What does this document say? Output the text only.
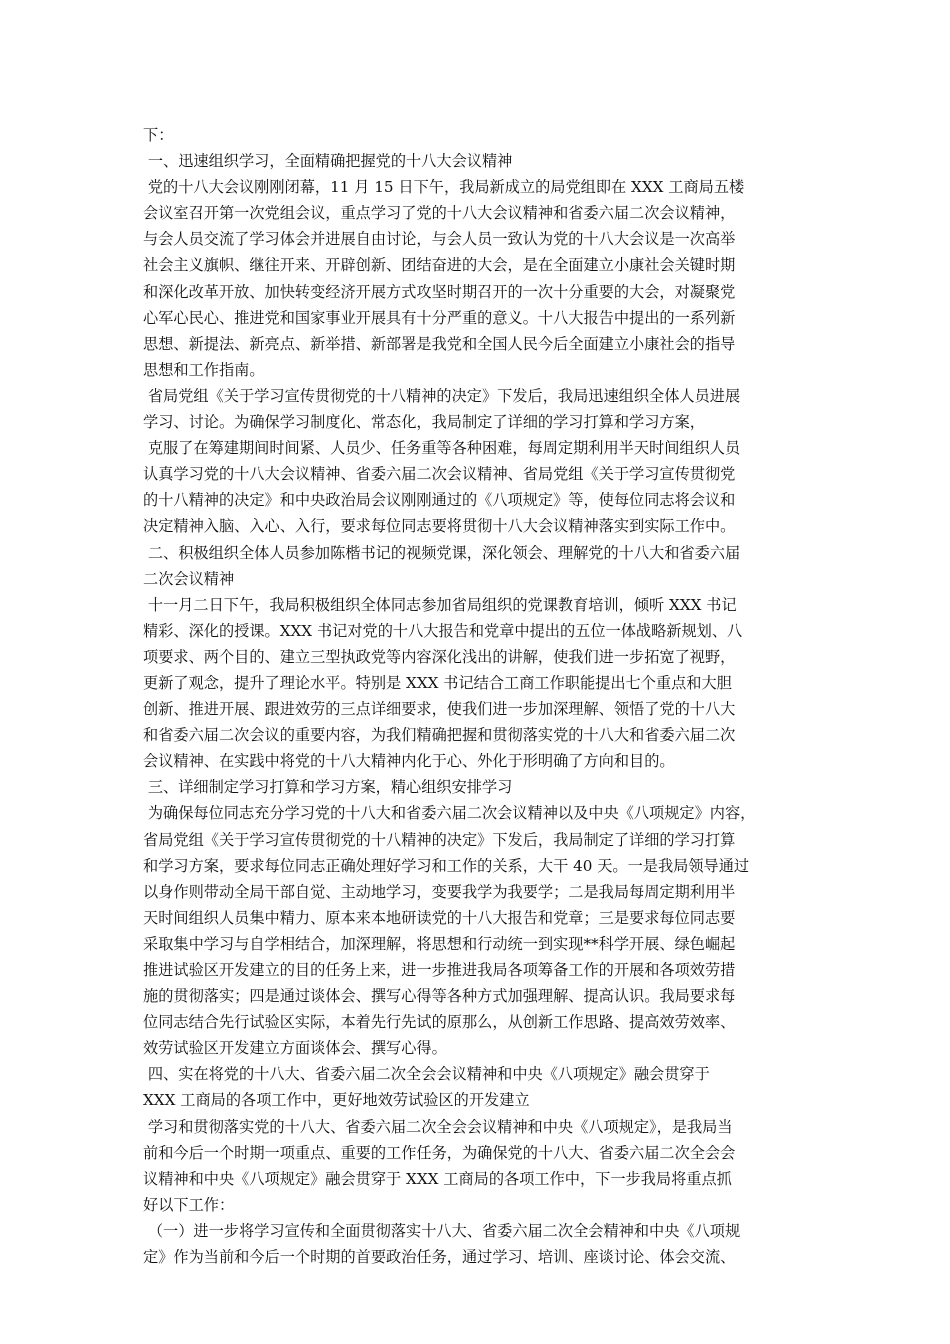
下：
一、迅速组织学习，全面精确把握党的十八大会议精神
党的十八大会议刚刚闭幕，11 月 15 日下午，我局新成立的局党组即在 XXX 工商局五楼
会议室召开第一次党组会议，重点学习了党的十八大会议精神和省委六届二次会议精神，
与会人员交流了学习体会并进展自由讨论，与会人员一致认为党的十八大会议是一次高举
社会主义旗帜、继往开来、开辟创新、团结奋进的大会，是在全面建立小康社会关键时期
和深化改革开放、加快转变经济开展方式攻坚时期召开的一次十分重要的大会，对凝聚党
心军心民心、推进党和国家事业开展具有十分严重的意义。十八大报告中提出的一系列新
思想、新提法、新亮点、新举措、新部署是我党和全国人民今后全面建立小康社会的指导
思想和工作指南。
省局党组《关于学习宣传贯彻党的十八精神的决定》下发后，我局迅速组织全体人员进展
学习、讨论。为确保学习制度化、常态化，我局制定了详细的学习打算和学习方案，
克服了在筹建期间时间紧、人员少、任务重等各种困难，每周定期利用半天时间组织人员
认真学习党的十八大会议精神、省委六届二次会议精神、省局党组《关于学习宣传贯彻党
的十八精神的决定》和中央政治局会议刚刚通过的《八项规定》等，使每位同志将会议和
决定精神入脑、入心、入行，要求每位同志要将贯彻十八大会议精神落实到实际工作中。
二、积极组织全体人员参加陈楷书记的视频党课，深化领会、理解党的十八大和省委六届
二次会议精神
十一月二日下午，我局积极组织全体同志参加省局组织的党课教育培训，倾听 XXX 书记
精彩、深化的授课。XXX 书记对党的十八大报告和党章中提出的五位一体战略新规划、八
项要求、两个目的、建立三型执政党等内容深化浅出的讲解，使我们进一步拓宽了视野，
更新了观念，提升了理论水平。特别是 XXX 书记结合工商工作职能提出七个重点和大胆
创新、推进开展、跟进效劳的三点详细要求，使我们进一步加深理解、领悟了党的十八大
和省委六届二次会议的重要内容，为我们精确把握和贯彻落实党的十八大和省委六届二次
会议精神、在实践中将党的十八大精神内化于心、外化于形明确了方向和目的。
三、详细制定学习打算和学习方案，精心组织安排学习
为确保每位同志充分学习党的十八大和省委六届二次会议精神以及中央《八项规定》内容，
省局党组《关于学习宣传贯彻党的十八精神的决定》下发后，我局制定了详细的学习打算
和学习方案，要求每位同志正确处理好学习和工作的关系，大干 40 天。一是我局领导通过
以身作则带动全局干部自觉、主动地学习，变要我学为我要学；二是我局每周定期利用半
天时间组织人员集中精力、原本来本地研读党的十八大报告和党章；三是要求每位同志要
采取集中学习与自学相结合，加深理解，将思想和行动统一到实现**科学开展、绿色崛起
推进试验区开发建立的目的任务上来，进一步推进我局各项筹备工作的开展和各项效劳措
施的贯彻落实；四是通过谈体会、撰写心得等各种方式加强理解、提高认识。我局要求每
位同志结合先行试验区实际，本着先行先试的原那么，从创新工作思路、提高效劳效率、
效劳试验区开发建立方面谈体会、撰写心得。
四、实在将党的十八大、省委六届二次全会会议精神和中央《八项规定》融会贯穿于
XXX 工商局的各项工作中，更好地效劳试验区的开发建立
学习和贯彻落实党的十八大、省委六届二次全会会议精神和中央《八项规定》，是我局当
前和今后一个时期一项重点、重要的工作任务，为确保党的十八大、省委六届二次全会会
议精神和中央《八项规定》融会贯穿于 XXX 工商局的各项工作中，下一步我局将重点抓
好以下工作：
（一）进一步将学习宣传和全面贯彻落实十八大、省委六届二次全会精神和中央《八项规
定》作为当前和今后一个时期的首要政治任务，通过学习、培训、座谈讨论、体会交流、
